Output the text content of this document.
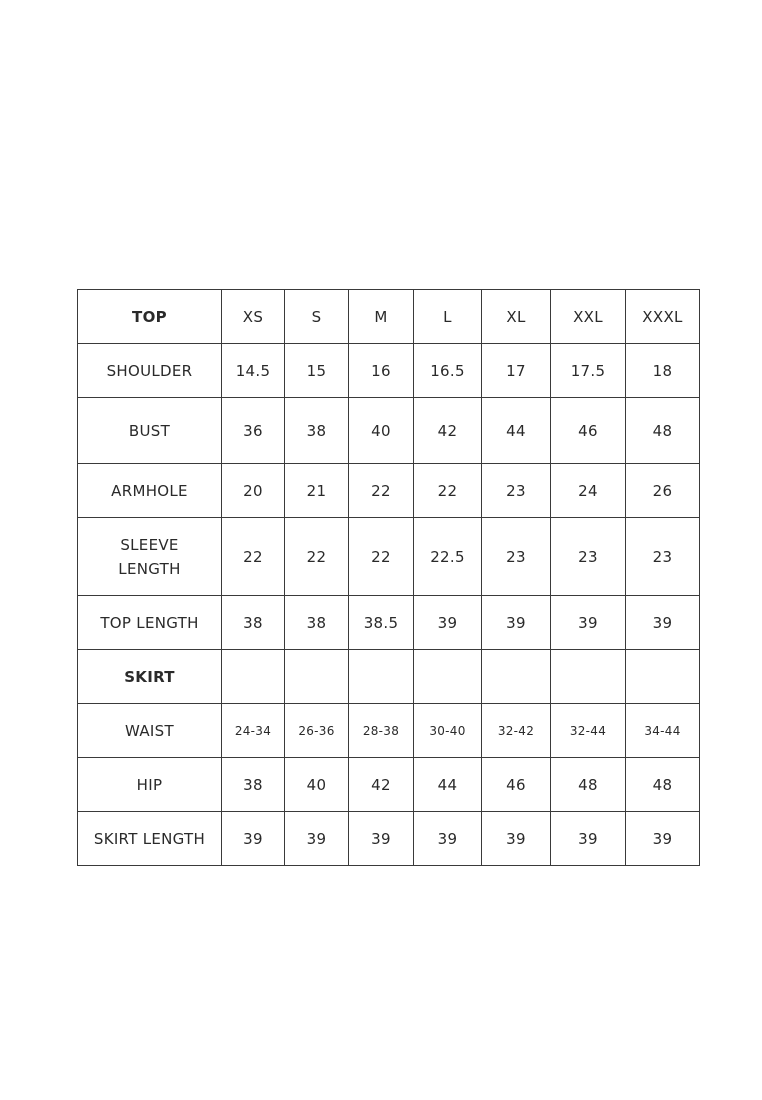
TOP	XS	S	M	L	XL	XXL	XXXL
SHOULDER	14.5	15	16	16.5	17	17.5	18
BUST	36	38	40	42	44	46	48
ARMHOLE	20	21	22	22	23	24	26
SLEEVE LENGTH	22	22	22	22.5	23	23	23
TOP LENGTH	38	38	38.5	39	39	39	39
SKIRT							
WAIST	24-34	26-36	28-38	30-40	32-42	32-44	34-44
HIP	38	40	42	44	46	48	48
SKIRT LENGTH	39	39	39	39	39	39	39
